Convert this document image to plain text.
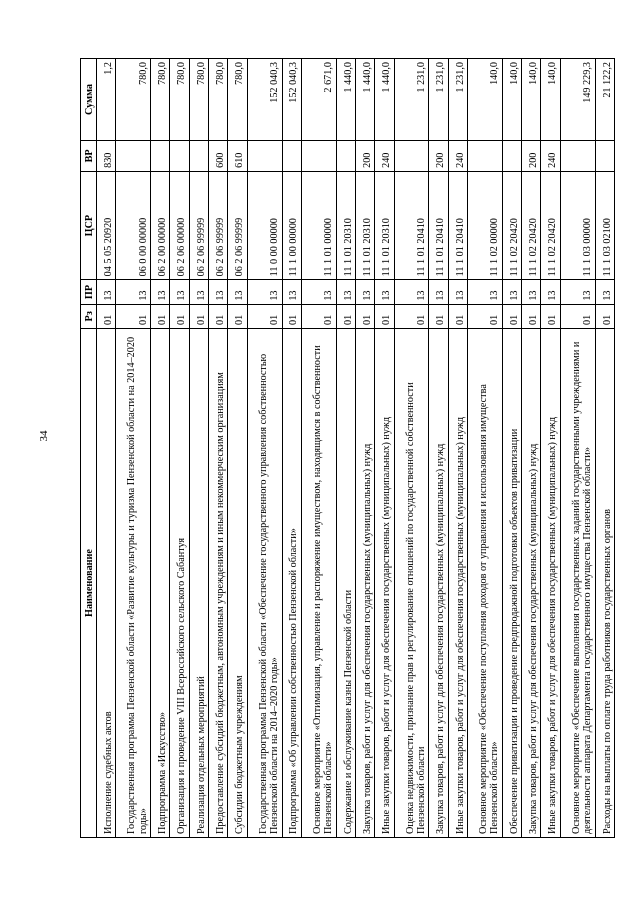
34
Наименование	Рз	ПР	ЦСР	ВР	Сумма
Исполнение судебных актов	01	13	04 5 05 20920	830	1,2
Государственная программа Пензенской области «Развитие культуры и туризма Пензенской области на 2014–2020 годы»	01	13	06 0 00 00000		780,0
Подпрограмма «Искусство»	01	13	06 2 00 00000		780,0
Организация и проведение VIII Всероссийского сельского Сабантуя	01	13	06 2 06 00000		780,0
Реализация отдельных мероприятий	01	13	06 2 06 99999		780,0
Предоставление субсидий бюджетным, автономным учреждениям и иным некоммерческим организациям	01	13	06 2 06 99999	600	780,0
Субсидии бюджетным учреждениям	01	13	06 2 06 99999	610	780,0
Государственная программа Пензенской области «Обеспечение государственного управления собственностью Пензенской области на 2014–2020 годы»	01	13	11 0 00 00000		152 040,3
Подпрограмма «Об управлении собственностью Пензенской области»	01	13	11 1 00 00000		152 040,3
Основное мероприятие «Оптимизация, управление и распоряжение имуществом, находящимся в собственности Пензенской области»	01	13	11 1 01 00000		2 671,0
Содержание и обслуживание казны Пензенской области	01	13	11 1 01 20310		1 440,0
Закупка товаров, работ и услуг для обеспечения государственных (муниципальных) нужд	01	13	11 1 01 20310	200	1 440,0
Иные закупки товаров, работ и услуг для обеспечения государственных (муниципальных) нужд	01	13	11 1 01 20310	240	1 440,0
Оценка недвижимости, признание прав и регулирование отношений по государственной собственности Пензенской области	01	13	11 1 01 20410		1 231,0
Закупка товаров, работ и услуг для обеспечения государственных (муниципальных) нужд	01	13	11 1 01 20410	200	1 231,0
Иные закупки товаров, работ и услуг для обеспечения государственных (муниципальных) нужд	01	13	11 1 01 20410	240	1 231,0
Основное мероприятие «Обеспечение поступления доходов от управления и использования имущества Пензенской области»	01	13	11 1 02 00000		140,0
Обеспечение приватизации и проведение предпродажной подготовки объектов приватизации	01	13	11 1 02 20420		140,0
Закупка товаров, работ и услуг для обеспечения государственных (муниципальных) нужд	01	13	11 1 02 20420	200	140,0
Иные закупки товаров, работ и услуг для обеспечения государственных (муниципальных) нужд	01	13	11 1 02 20420	240	140,0
Основное мероприятие «Обеспечение выполнения государственных заданий государственными учреждениями и деятельности аппарата Департамента государственного имущества Пензенской области»	01	13	11 1 03 00000		149 229,3
Расходы на выплаты по оплате труда работников государственных органов	01	13	11 1 03 02100		21 122,2
